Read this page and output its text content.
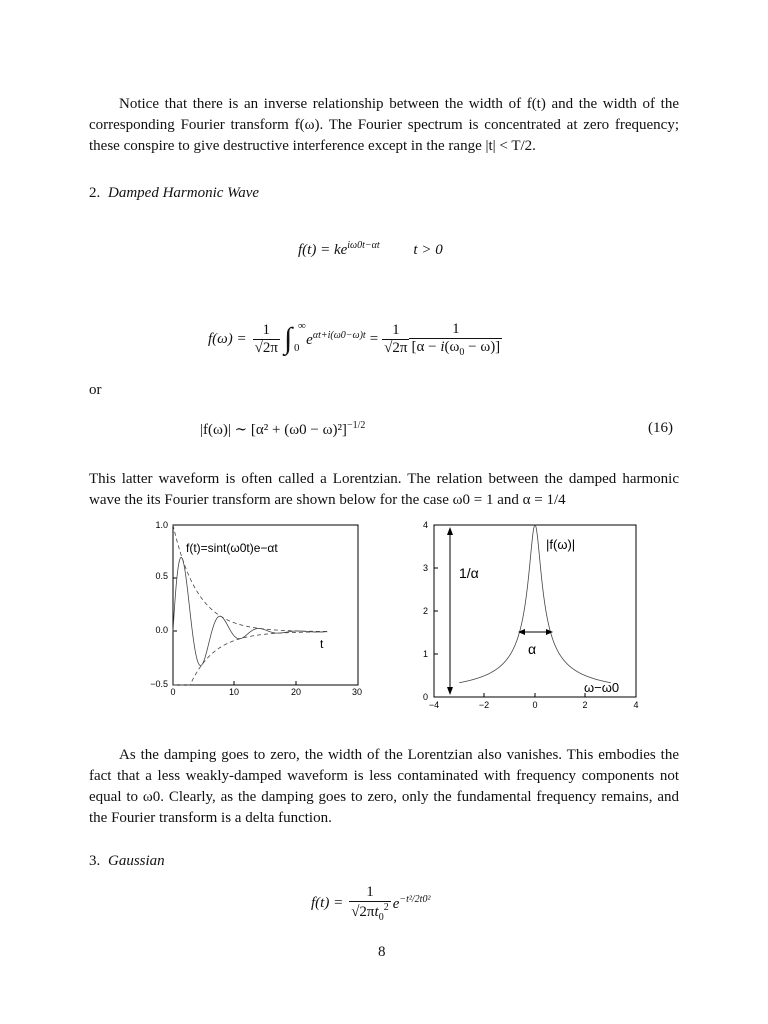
Notice that there is an inverse relationship between the width of f(t) and the width of the corresponding Fourier transform f(ω). The Fourier spectrum is concentrated at zero frequency; these conspire to give destructive interference except in the range |t| < T/2.
2. Damped Harmonic Wave
$f(t) = ke^{i\omega 0t-\alpha t}$ t > 0
$f(\omega) = \frac{1}{√2\pi}$ ∫ ∞
0
$e^{\alpha t+i(\omega 0-\omega)t} = \frac{1}{√2\pi} \frac{1}{[\alpha - i(\omega_0 - \omega)]}$
or
|f(ω)| ∼ $[\alpha^2 + (\omega 0 - \omega)^2]^{-1/2}$	(16)
This latter waveform is often called a Lorentzian. The relation between the damped harmonic wave the its Fourier transform are shown below for the case ω0 = 1 and α = 1/4
1.0
0.5
0.0
−0.5
0	10	20	30
f(t)=sint(ω0t)e−αt
t
4
3
2
1
0
−4	−2	0	2	4
1/α
α
|f(ω)|
ω−ω0
As the damping goes to zero, the width of the Lorentzian also vanishes. This embodies the fact that a less weakly-damped waveform is less contaminated with frequency components not equal to ω0. Clearly, as the damping goes to zero, only the fundamental frequency remains, and the Fourier transform is a delta function.
3. Gaussian
$f(t) = \frac{1}{√2\pi t_0^2} e^{-t^2/2t0^2}$
8
